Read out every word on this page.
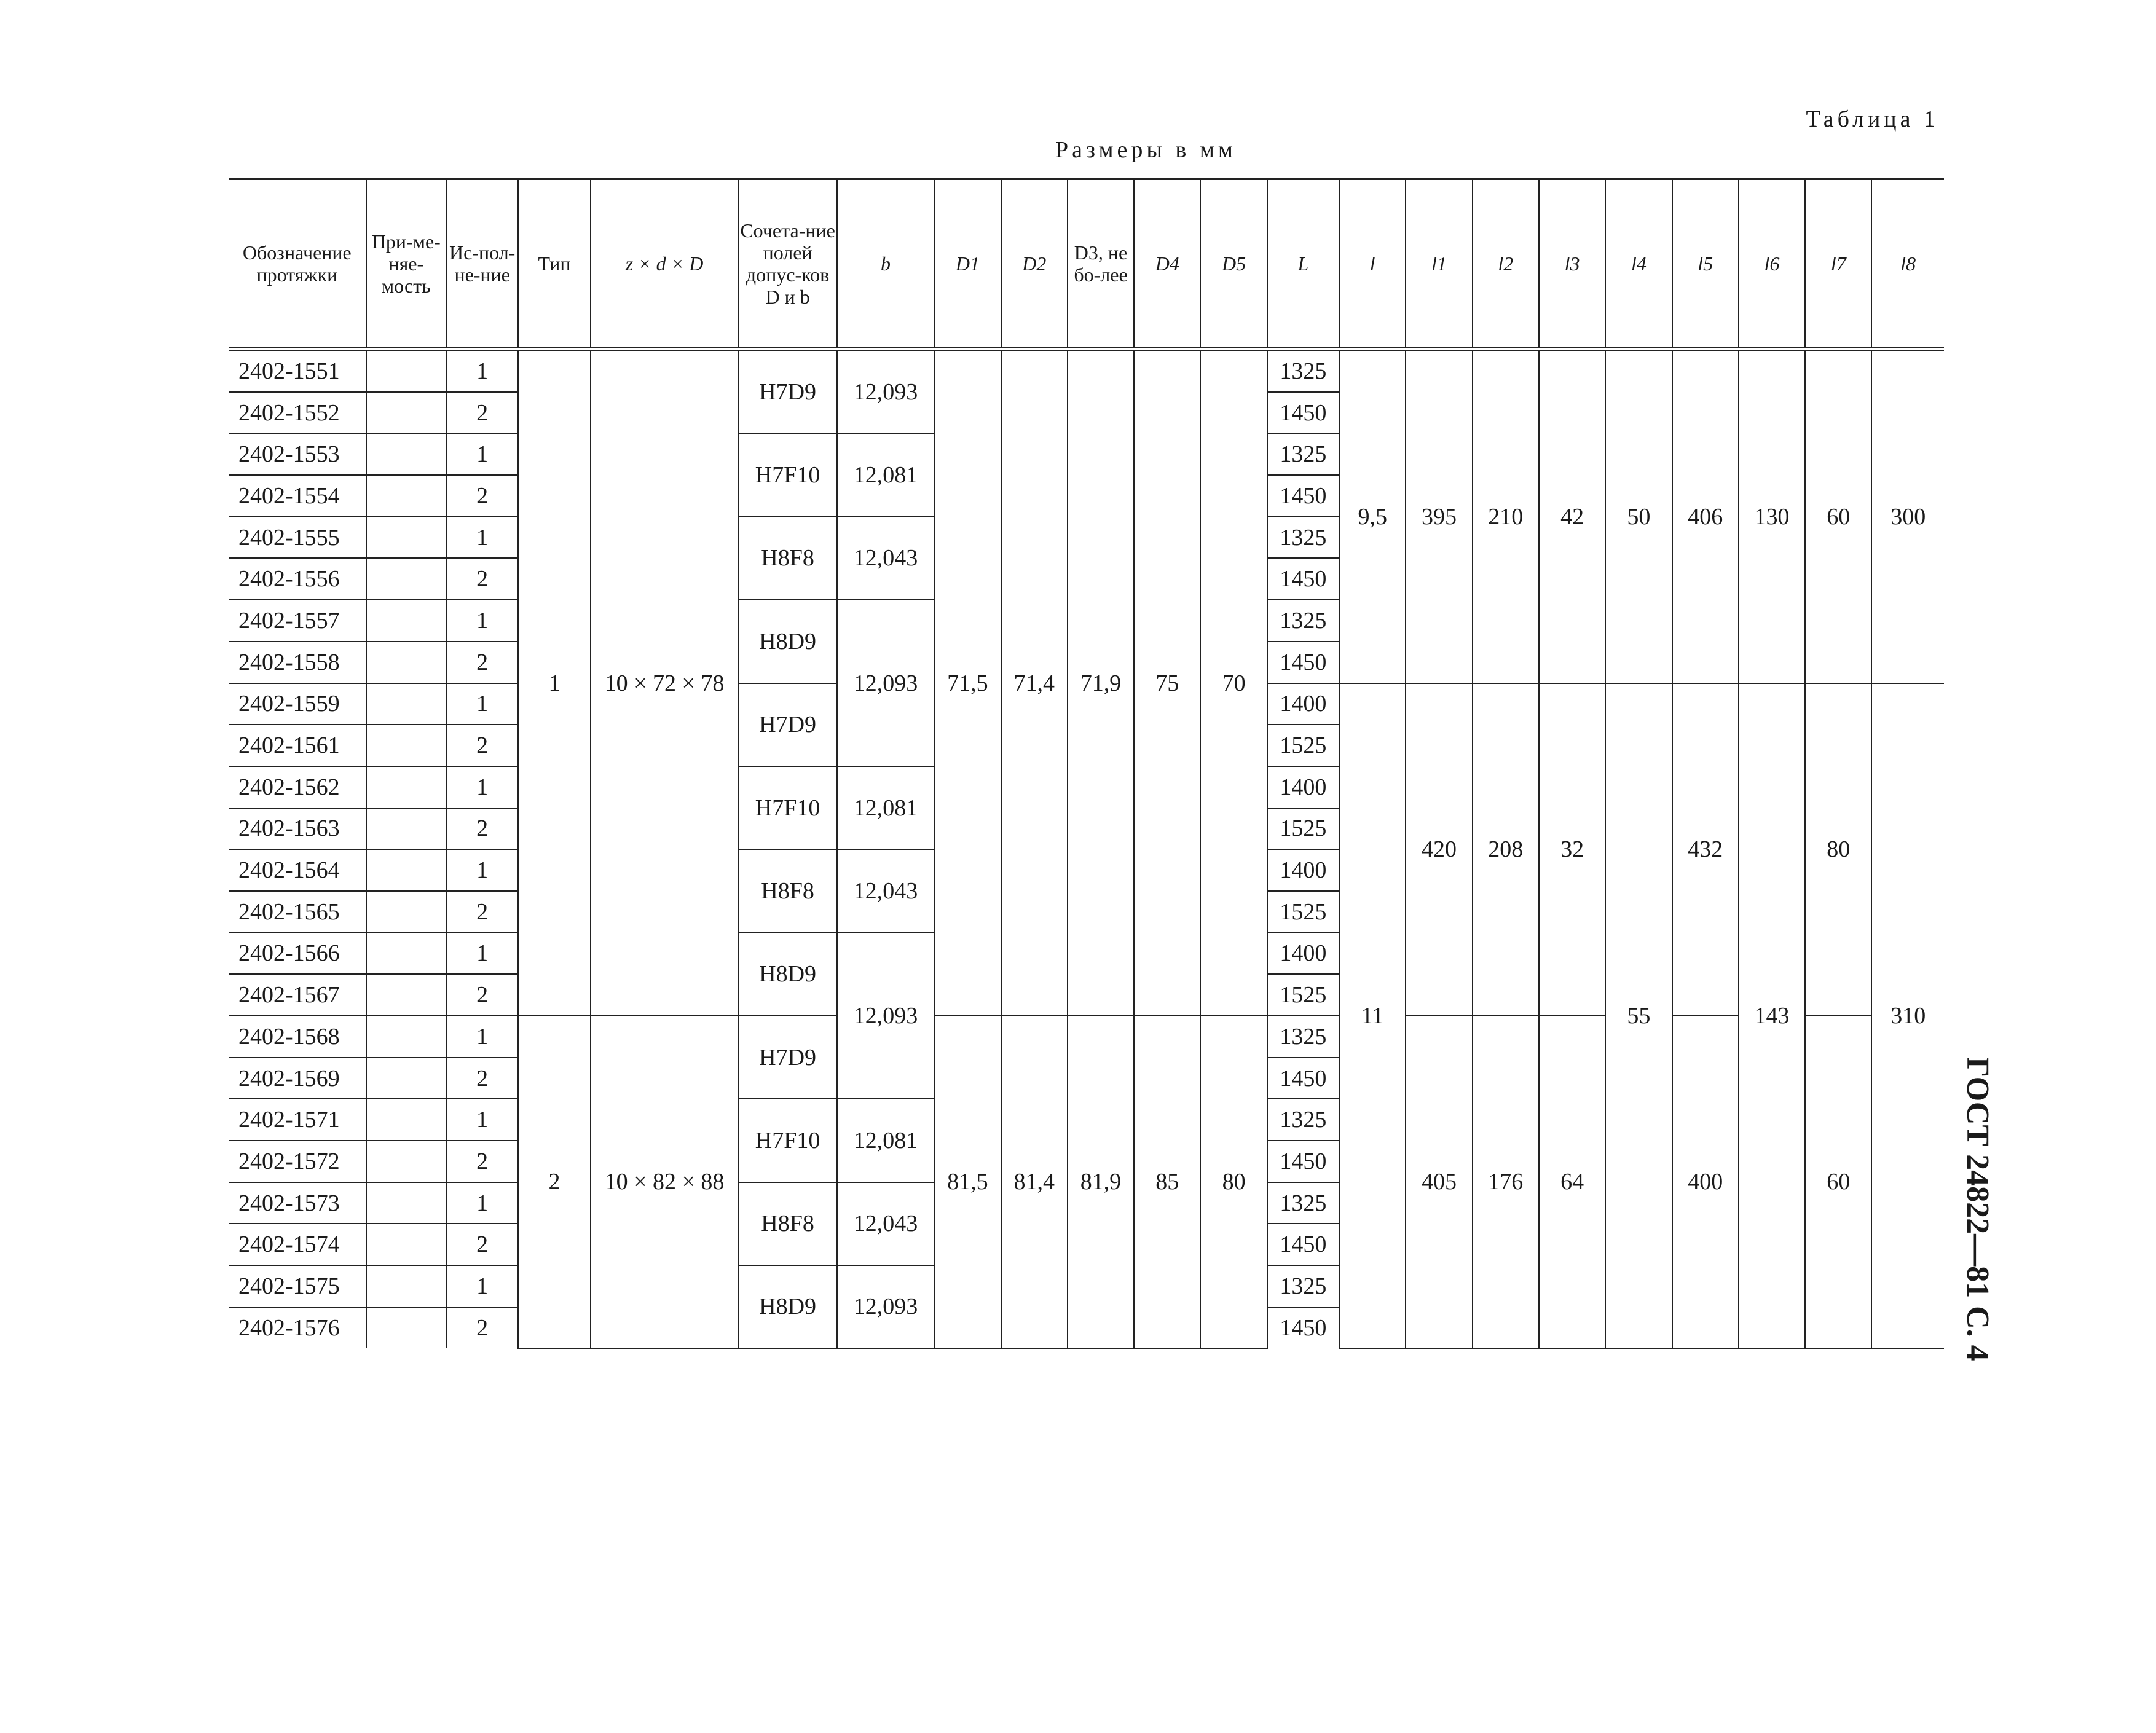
Таблица 1
Размеры в мм
ГОСТ 24822—81 С. 4
Обозначение протяжки	При-ме-няе-мость	Ис-пол-не-ние	Тип	z × d × D	Сочета-ние полей допус-ков D и b	b	D1	D2	D3, не бо-лее	D4	D5	L	l	l1	l2	l3	l4	l5	l6	l7	l8
2402-1551		1	1	10 × 72 × 78	H7D9	12,093	71,5	71,4	71,9	75	70	1325	9,5	395	210	42	50	406	130	60	300
2402-1552		2										1450									
2402-1553		1			H7F10	12,081						1325									
2402-1554		2										1450									
2402-1555		1			H8F8	12,043						1325									
2402-1556		2										1450									
2402-1557		1			H8D9	12,093						1325									
2402-1558		2										1450									
2402-1559		1			H7D9							1400	11	420	208	32	55	432	143	80	310
2402-1561		2										1525									
2402-1562		1			H7F10	12,081						1400									
2402-1563		2										1525									
2402-1564		1			H8F8	12,043						1400									
2402-1565		2										1525									
2402-1566		1			H8D9	12,093						1400									
2402-1567		2										1525									
2402-1568		1	2	10 × 82 × 88	H7D9		81,5	81,4	81,9	85	80	1325		405	176	64		400		60	
2402-1569		2										1450									
2402-1571		1			H7F10	12,081						1325									
2402-1572		2										1450									
2402-1573		1			H8F8	12,043						1325									
2402-1574		2										1450									
2402-1575		1			H8D9	12,093						1325									
2402-1576		2										1450									
